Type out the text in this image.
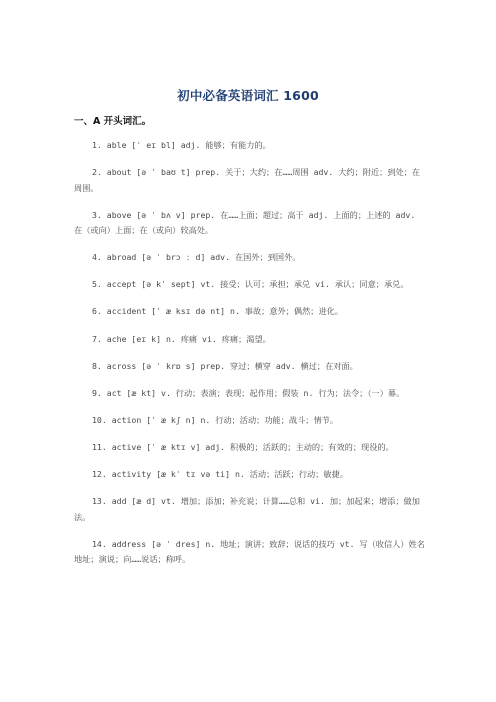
初中必备英语词汇 1600
一、A 开头词汇。

1. able [ˈ eɪ bl] adj. 能够；有能力的。

2. about [ə ˈ baʊ t] prep. 关于；大约；在……周围 adv. 大约；附近；到处；在周围。

3. above [ə ˈ bʌ v] prep. 在……上面；超过；高于 adj. 上面的；上述的 adv. 在（或向）上面；在（或向）较高处。

4. abroad [ə ˈ brɔ ː d] adv. 在国外；到国外。

5. accept [ə kˈ sept] vt. 接受；认可；承担；承兑 vi. 承认；同意；承兑。

6. accident [ˈ æ ksɪ də nt] n. 事故；意外；偶然；进化。

7. ache [eɪ k] n. 疼痛 vi. 疼痛；渴望。

8. across [ə ˈ krɒ s] prep. 穿过；横穿 adv. 横过；在对面。

9. act [æ kt] v. 行动；表演；表现；起作用；假装 n. 行为；法令；（一）幕。

10. action [ˈ æ kʃ n] n. 行动；活动；功能；战斗；情节。

11. active [ˈ æ ktɪ v] adj. 积极的；活跃的；主动的；有效的；现役的。

12. activity [æ kˈ tɪ və ti] n. 活动；活跃；行动；敏捷。

13. add [æ d] vt. 增加；添加；补充说；计算……总和 vi. 加；加起来；增添；做加法。

14. address [ə ˈ dres] n. 地址；演讲；致辞；说话的技巧 vt. 写（收信人）姓名地址；演说；向……说话；称呼。
